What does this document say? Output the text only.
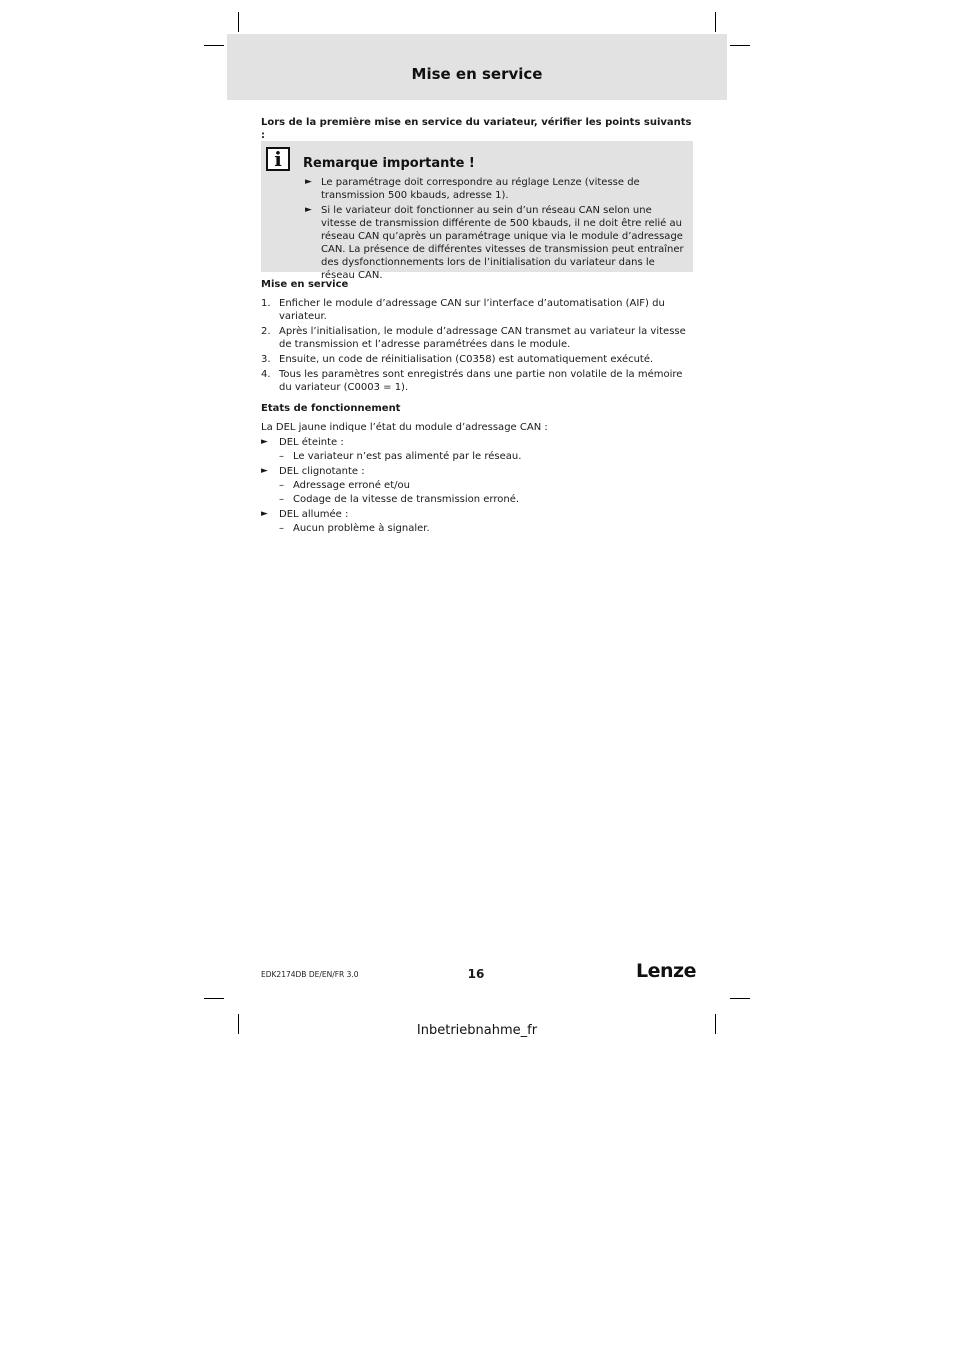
Mise en service
Lors de la première mise en service du variateur, vérifier les points suivants :
i	Remarque importante !
► Le paramétrage doit correspondre au réglage Lenze (vitesse de transmission 500 kbauds, adresse 1).
► Si le variateur doit fonctionner au sein d’un réseau CAN selon une vitesse de transmission différente de 500 kbauds, il ne doit être relié au réseau CAN qu’après un paramétrage unique via le module d’adressage CAN. La présence de différentes vitesses de transmission peut entraîner des dysfonctionnements lors de l’initialisation du variateur dans le réseau CAN.
Mise en service
1. Enficher le module d’adressage CAN sur l’interface d’automatisation (AIF) du variateur.
2. Après l’initialisation, le module d’adressage CAN transmet au variateur la vitesse de transmission et l’adresse paramétrées dans le module.
3. Ensuite, un code de réinitialisation (C0358) est automatiquement exécuté.
4. Tous les paramètres sont enregistrés dans une partie non volatile de la mémoire du variateur (C0003 = 1).
Etats de fonctionnement
La DEL jaune indique l’état du module d’adressage CAN :
► DEL éteinte :
– Le variateur n’est pas alimenté par le réseau.
► DEL clignotante :
– Adressage erroné et/ou
– Codage de la vitesse de transmission erroné.
► DEL allumée :
– Aucun problème à signaler.
EDK2174DB DE/EN/FR 3.0	16	Lenze
Inbetriebnahme_fr
